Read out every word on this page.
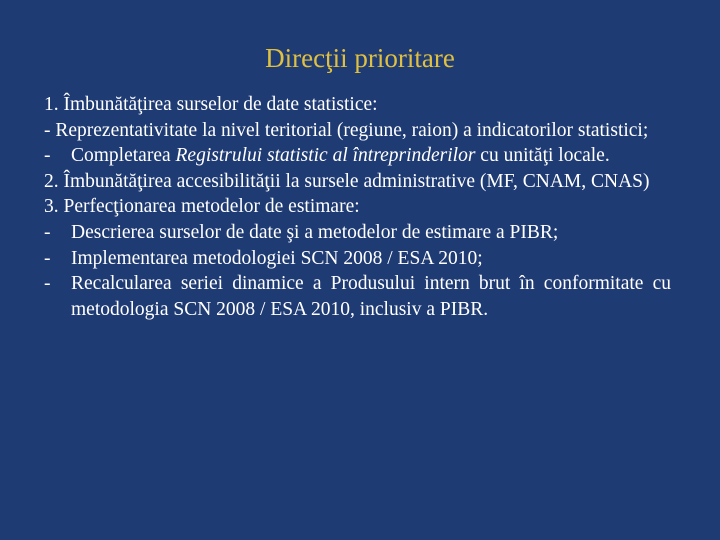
Direcţii prioritare

1. Îmbunătăţirea surselor de date statistice:

- Reprezentativitate la nivel teritorial (regiune, raion) a indicatorilor statistici;

- Completarea Registrului statistic al întreprinderilor cu unităţi locale.

2. Îmbunătăţirea accesibilităţii la sursele administrative (MF, CNAM, CNAS)

3. Perfecţionarea metodelor de estimare:

- Descrierea surselor de date şi a metodelor de estimare a PIBR;
- Implementarea metodologiei SCN 2008 / ESA 2010;
- Recalcularea seriei dinamice a Produsului intern brut în conformitate cu metodologia SCN 2008 / ESA 2010, inclusiv a PIBR.
